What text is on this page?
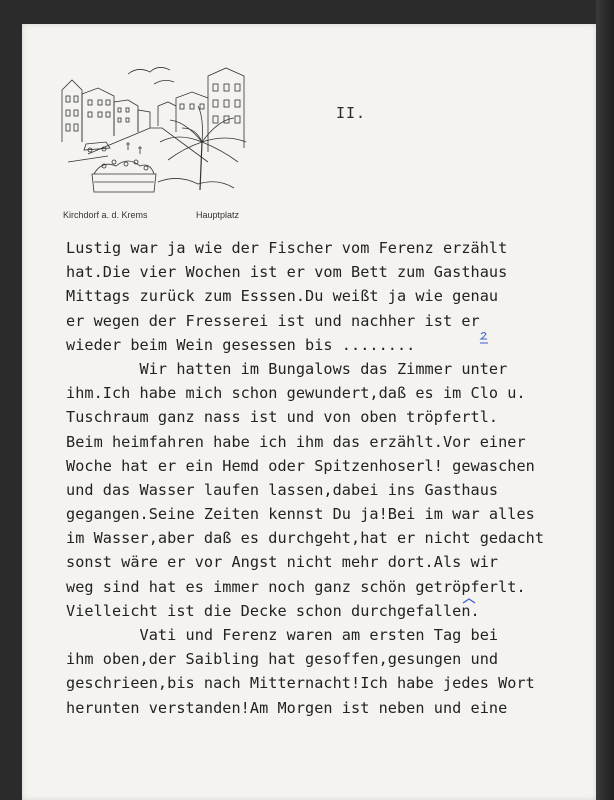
Kirchdorf a. d. Krems	Hauptplatz
II.
Lustig war ja wie der Fischer vom Ferenz erzählt
hat.Die vier Wochen ist er vom Bett zum Gasthaus
Mittags zurück zum Esssen.Du weißt ja wie genau
er wegen der Fresserei ist und nachher ist er
wieder beim Wein gesessen bis ........
Wir hatten im Bungalows das Zimmer unter
ihm.Ich habe mich schon gewundert,daß es im Clo u.
Tuschraum ganz nass ist und von oben tröpfertl.
Beim heimfahren habe ich ihm das erzählt.Vor einer
Woche hat er ein Hemd oder Spitzenhoserl! gewaschen
und das Wasser laufen lassen,dabei ins Gasthaus
gegangen.Seine Zeiten kennst Du ja!Bei im war alles
im Wasser,aber daß es durchgeht,hat er nicht gedacht
sonst wäre er vor Angst nicht mehr dort.Als wir
weg sind hat es immer noch ganz schön getröpferlt.
Vielleicht ist die Decke schon durchgefallen.
Vati und Ferenz waren am ersten Tag bei
ihm oben,der Saibling hat gesoffen,gesungen und
geschrieen,bis nach Mitternacht!Ich habe jedes Wort
herunten verstanden!Am Morgen ist neben und eine
